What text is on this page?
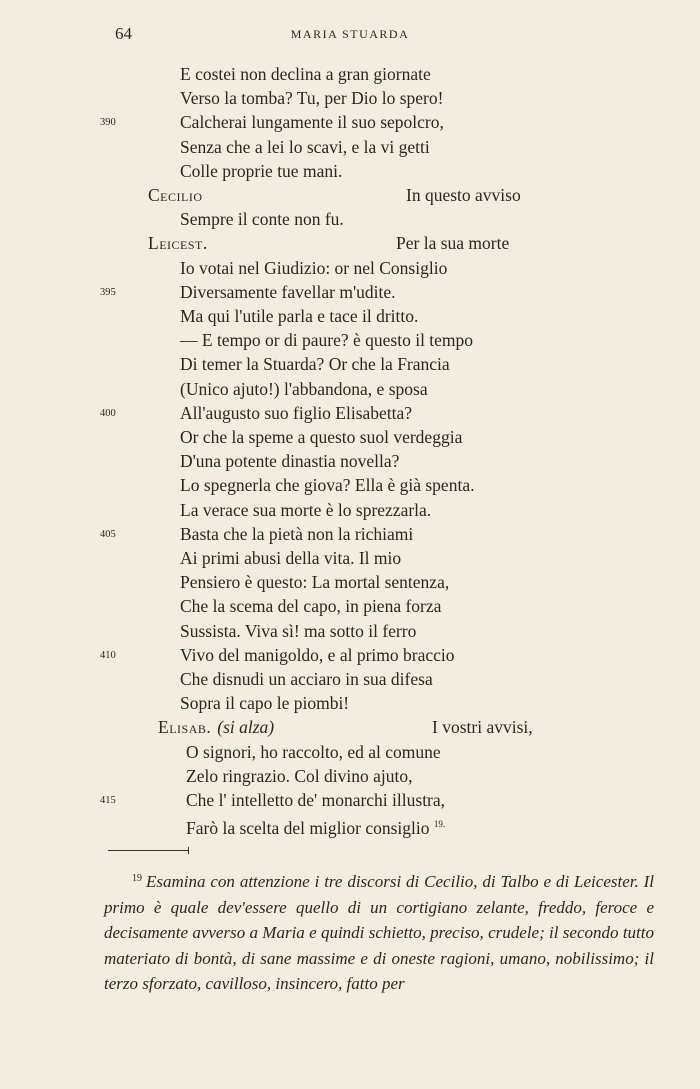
64	MARIA STUARDA
E costei non declina a gran giornate
Verso la tomba? Tu, per Dio lo spero!
390	Calcherai lungamente il suo sepolcro,
Senza che a lei lo scavi, e la vi getti
Colle proprie tue mani.
Cecilio	In questo avviso
Sempre il conte non fu.
Leicest.	Per la sua morte
Io votai nel Giudizio: or nel Consiglio
395	Diversamente favellar m'udite.
Ma qui l'utile parla e tace il dritto.
— E tempo or di paure? è questo il tempo
Di temer la Stuarda? Or che la Francia
(Unico ajuto!) l'abbandona, e sposa
400	All'augusto suo figlio Elisabetta?
Or che la speme a questo suol verdeggia
D'una potente dinastia novella?
Lo spegnerla che giova? Ella è già spenta.
La verace sua morte è lo sprezzarla.
405	Basta che la pietà non la richiami
Ai primi abusi della vita. Il mio
Pensiero è questo: La mortal sentenza,
Che la scema del capo, in piena forza
Sussista. Viva sì! ma sotto il ferro
410	Vivo del manigoldo, e al primo braccio
Che disnudi un acciaro in sua difesa
Sopra il capo le piombi!
Elisab. (si alza)	I vostri avvisi,
O signori, ho raccolto, ed al comune
Zelo ringrazio. Col divino ajuto,
415	Che l' intelletto de' monarchi illustra,
Farò la scelta del miglior consiglio $^{19.}$
$^{19}$ Esamina con attenzione i tre discorsi di Cecilio, di Talbo e di Leicester. Il primo è quale dev'essere quello di un cortigiano zelante, freddo, feroce e decisamente avverso a Maria e quindi schietto, preciso, crudele; il secondo tutto materiato di bontà, di sane massime e di oneste ragioni, umano, nobilissimo; il terzo sforzato, cavilloso, insincero, fatto per
